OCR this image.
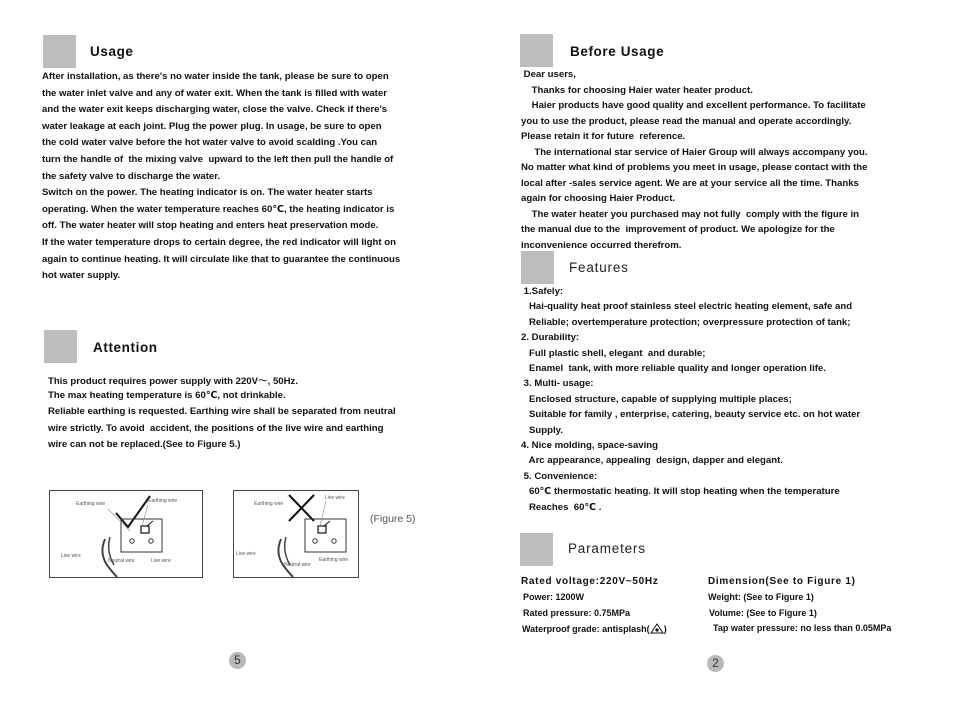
Usage
After installation, as there's no water inside the tank, please be sure to open
the water inlet valve and any of water exit. When the tank is filled with water
and the water exit keeps discharging water, close the valve. Check if there's
water leakage at each joint. Plug the power plug. In usage, be sure to open
the cold water valve before the hot water valve to avoid scalding .You can
turn the handle of  the mixing valve  upward to the left then pull the handle of
the safety valve to discharge the water.
Switch on the power. The heating indicator is on. The water heater starts
operating. When the water temperature reaches 60℃, the heating indicator is
off. The water heater will stop heating and enters heat preservation mode.
If the water temperature drops to certain degree, the red indicator will light on
again to continue heating. It will circulate like that to guarantee the continuous
hot water supply.
Attention
This product requires power supply with 220V～, 50Hz.
The max heating temperature is 60℃, not drinkable.
Reliable earthing is requested. Earthing wire shall be separated from neutral
wire strictly. To avoid  accident, the positions of the live wire and earthing
wire can not be replaced.(See to Figure 5.)
Earthing wire	Earthing wire
Live wire
Neutral wire	Live wire
Earthing wire
Live wire
Live wire
Neutral wire
Earthing wire
(Figure 5)
5
Before Usage
Dear users,
Thanks for choosing Haier water heater product.
Haier products have good quality and excellent performance. To facilitate
you to use the product, please read the manual and operate accordingly.
Please retain it for future  reference.
The international star service of Haier Group will always accompany you.
No matter what kind of problems you meet in usage, please contact with the
local after -sales service agent. We are at your service all the time. Thanks
again for choosing Haier Product.
The water heater you purchased may not fully  comply with the figure in
the manual due to the  improvement of product. We apologize for the
inconvenience occurred therefrom.
Features
1.Safely:
Hai-quality heat proof stainless steel electric heating element, safe and
Reliable; overtemperature protection; overpressure protection of tank;
2. Durability:
Full plastic shell, elegant  and durable;
Enamel  tank, with more reliable quality and longer operation life.
3. Multi- usage:
Enclosed structure, capable of supplying multiple places;
Suitable for family , enterprise, catering, beauty service etc. on hot water
Supply.
4. Nice molding, space-saving
Arc appearance, appealing  design, dapper and elegant.
5. Convenience:
60℃ thermostatic heating. It will stop heating when the temperature
Reaches  60℃ .
Parameters
Rated voltage:220V~50Hz	Dimension(See to Figure 1)
Power: 1200W	Weight: (See to Figure 1)
Rated pressure: 0.75MPa	Volume: (See to Figure 1)
Waterproof grade: antisplash( )	Tap water pressure: no less than 0.05MPa
2
